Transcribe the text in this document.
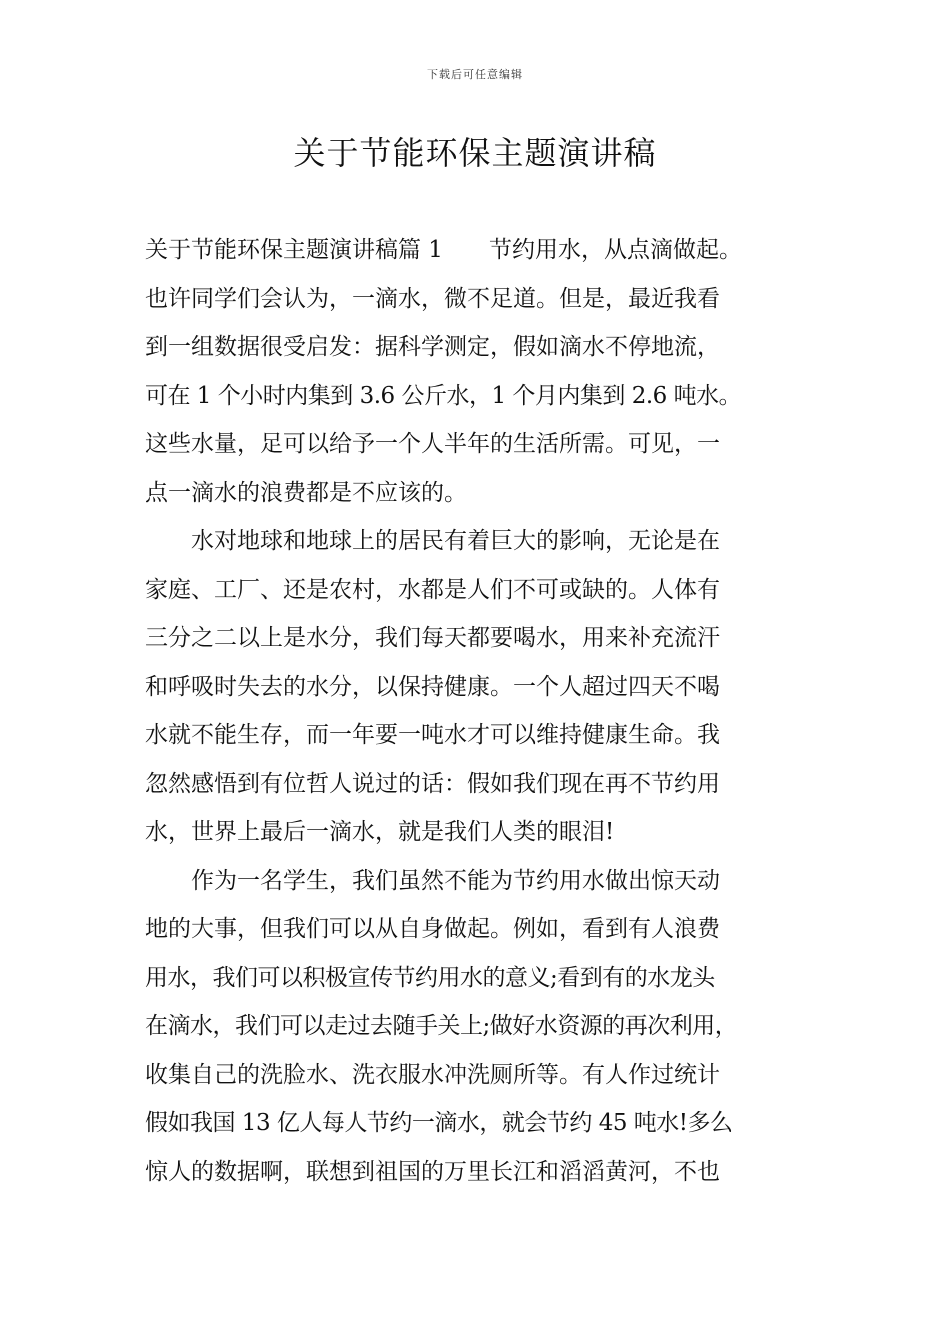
下载后可任意编辑
关于节能环保主题演讲稿

关于节能环保主题演讲稿篇 1　　节约用水，从点滴做起。

也许同学们会认为，一滴水，微不足道。但是，最近我看

到一组数据很受启发：据科学测定，假如滴水不停地流，

可在 1 个小时内集到 3.6 公斤水，1 个月内集到 2.6 吨水。

这些水量，足可以给予一个人半年的生活所需。可见，一

点一滴水的浪费都是不应该的。

水对地球和地球上的居民有着巨大的影响，无论是在

家庭、工厂、还是农村，水都是人们不可或缺的。人体有

三分之二以上是水分，我们每天都要喝水，用来补充流汗

和呼吸时失去的水分，以保持健康。一个人超过四天不喝

水就不能生存，而一年要一吨水才可以维持健康生命。我

忽然感悟到有位哲人说过的话：假如我们现在再不节约用

水，世界上最后一滴水，就是我们人类的眼泪!

作为一名学生，我们虽然不能为节约用水做出惊天动

地的大事，但我们可以从自身做起。例如，看到有人浪费

用水，我们可以积极宣传节约用水的意义;看到有的水龙头

在滴水，我们可以走过去随手关上;做好水资源的再次利用，

收集自己的洗脸水、洗衣服水冲洗厕所等。有人作过统计

假如我国 13 亿人每人节约一滴水，就会节约 45 吨水!多么

惊人的数据啊，联想到祖国的万里长江和滔滔黄河，不也
